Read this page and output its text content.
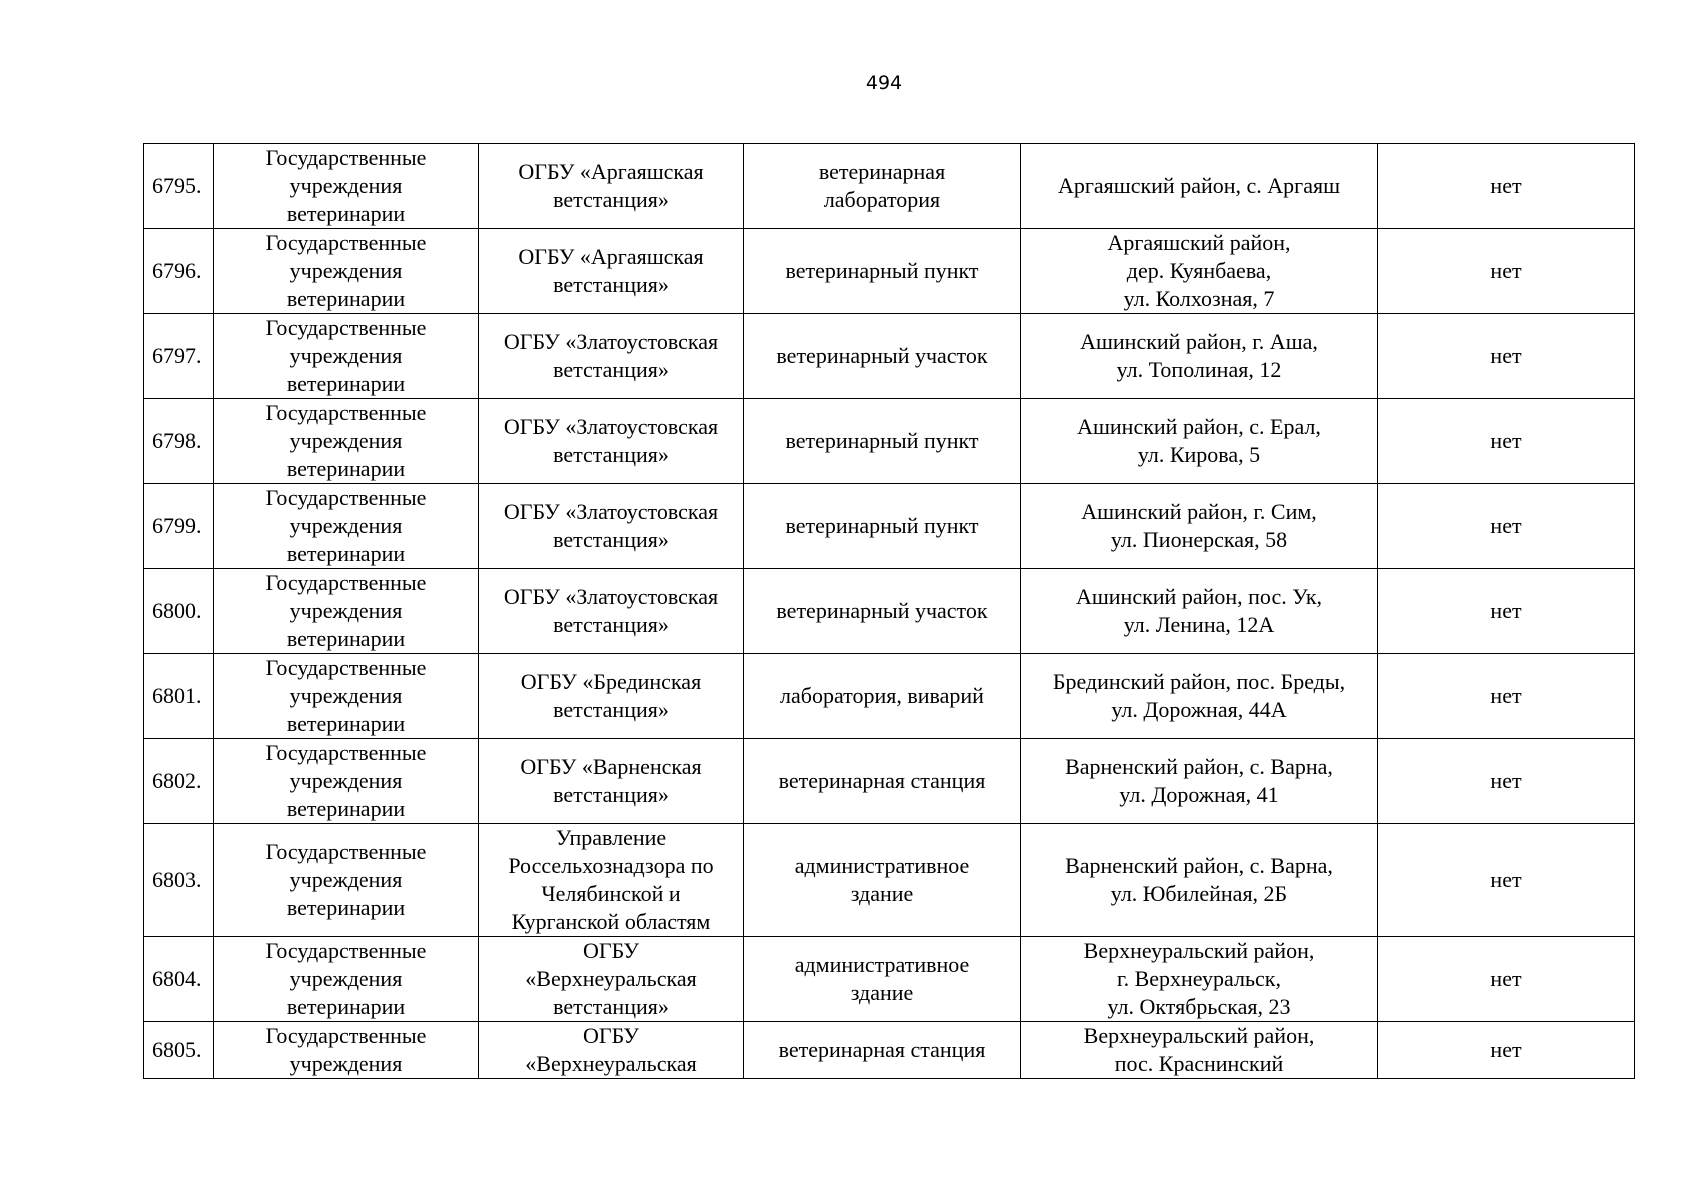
494
6795.	Государственные
учреждения
ветеринарии	ОГБУ «Аргаяшская
ветстанция»	ветеринарная
лаборатория	Аргаяшский район, с. Аргаяш	нет
6796.	Государственные
учреждения
ветеринарии	ОГБУ «Аргаяшская
ветстанция»	ветеринарный пункт	Аргаяшский район,
дер. Куянбаева,
ул. Колхозная, 7	нет
6797.	Государственные
учреждения
ветеринарии	ОГБУ «Златоустовская
ветстанция»	ветеринарный участок	Ашинский район, г. Аша,
ул. Тополиная, 12	нет
6798.	Государственные
учреждения
ветеринарии	ОГБУ «Златоустовская
ветстанция»	ветеринарный пункт	Ашинский район, с. Ерал,
ул. Кирова, 5	нет
6799.	Государственные
учреждения
ветеринарии	ОГБУ «Златоустовская
ветстанция»	ветеринарный пункт	Ашинский район, г. Сим,
ул. Пионерская, 58	нет
6800.	Государственные
учреждения
ветеринарии	ОГБУ «Златоустовская
ветстанция»	ветеринарный участок	Ашинский район, пос. Ук,
ул. Ленина, 12А	нет
6801.	Государственные
учреждения
ветеринарии	ОГБУ «Брединская
ветстанция»	лаборатория, виварий	Брединский район, пос. Бреды,
ул. Дорожная, 44А	нет
6802.	Государственные
учреждения
ветеринарии	ОГБУ «Варненская
ветстанция»	ветеринарная станция	Варненский район, с. Варна,
ул. Дорожная, 41	нет
6803.	Государственные
учреждения
ветеринарии	Управление
Россельхознадзора по
Челябинской и
Курганской областям	административное
здание	Варненский район, с. Варна,
ул. Юбилейная, 2Б	нет
6804.	Государственные
учреждения
ветеринарии	ОГБУ
«Верхнеуральская
ветстанция»	административное
здание	Верхнеуральский район,
г. Верхнеуральск,
ул. Октябрьская, 23	нет
6805.	Государственные
учреждения	ОГБУ
«Верхнеуральская	ветеринарная станция	Верхнеуральский район,
пос. Краснинский	нет
